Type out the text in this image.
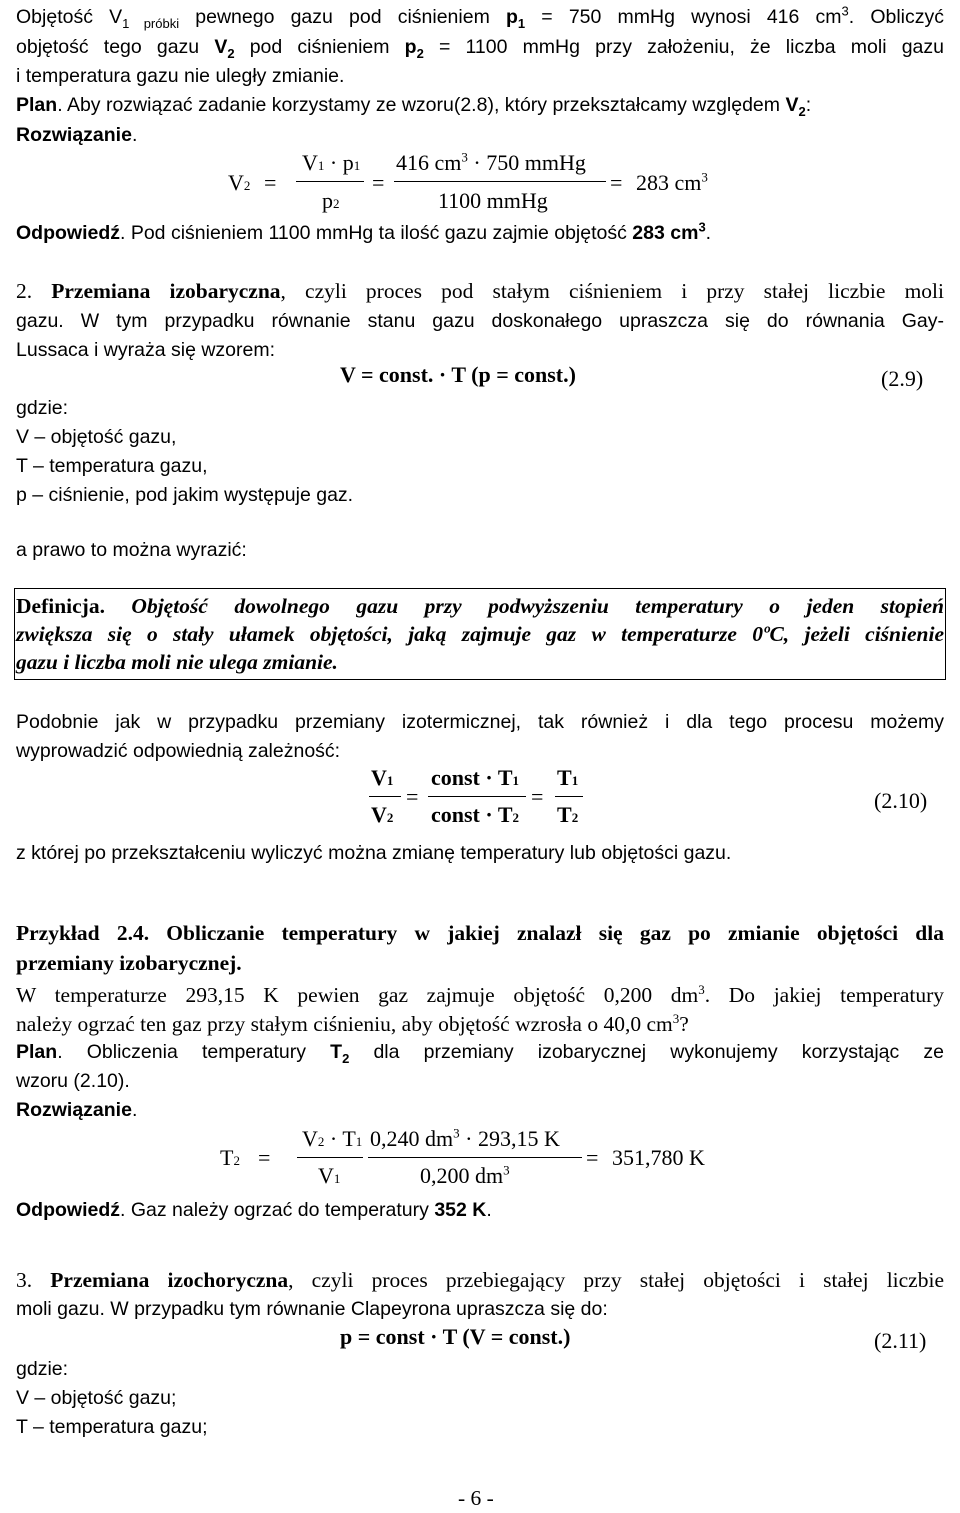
Objętość $V_{1 próbki}$ pewnego gazu pod ciśnieniem $p_1 = 750$ mmHg wynosi 416 $cm^3$. Obliczyć
objętość tego gazu $V_2$ pod ciśnieniem $p_2 = 1100$ mmHg przy założeniu, że liczba moli gazu
i temperatura gazu nie uległy zmianie.
Plan. Aby rozwiązać zadanie korzystamy ze wzoru(2.8), który przekształcamy względem $V_2$:
Rozwiązanie.
V2 =
V1 · p1
p2
=
416 $cm^3 \cdot 750$ mmHg
1100 mmHg
= 283 $cm^3$
Odpowiedź. Pod ciśnieniem 1100 mmHg ta ilość gazu zajmie objętość 283 $cm^3$.
2. Przemiana izobaryczna, czyli proces pod stałym ciśnieniem i przy stałej liczbie moli
gazu. W tym przypadku równanie stanu gazu doskonałego upraszcza się do równania Gay-
Lussaca i wyraża się wzorem:
V = const. · T (p = const.)	(2.9)
gdzie:
V – objętość gazu,
T – temperatura gazu,
p – ciśnienie, pod jakim występuje gaz.
a prawo to można wyrazić:
Definicja. Objętość dowolnego gazu przy podwyższeniu temperatury o jeden stopień
zwiększa się o stały ułamek objętości, jaką zajmuje gaz w temperaturze 0ºC, jeżeli ciśnienie
gazu i liczba moli nie ulega zmianie.
Podobnie jak w przypadku przemiany izotermicznej, tak również i dla tego procesu możemy
wyprowadzić odpowiednią zależność:
V1
V2
=
const · T1
const · T2
=
T1
T2
(2.10)
z której po przekształceniu wyliczyć można zmianę temperatury lub objętości gazu.
Przykład 2.4. Obliczanie temperatury w jakiej znalazł się gaz po zmianie objętości dla
przemiany izobarycznej.
W temperaturze 293,15 K pewien gaz zajmuje objętość 0,200 $dm^3$. Do jakiej temperatury
należy ogrzać ten gaz przy stałym ciśnieniu, aby objętość wzrosła o 40,0 $cm^3$?
Plan. Obliczenia temperatury $T_2$ dla przemiany izobarycznej wykonujemy korzystając ze
wzoru (2.10).
Rozwiązanie.
T2 =
V2 · T1
V1
0,240 $dm^3 \cdot 293,15$ K
0,200 $dm^3$
= 351,780 K
Odpowiedź. Gaz należy ogrzać do temperatury 352 K.
3. Przemiana izochoryczna, czyli proces przebiegający przy stałej objętości i stałej liczbie
moli gazu. W przypadku tym równanie Clapeyrona upraszcza się do:
p = const · T (V = const.)	(2.11)
gdzie:
V – objętość gazu;
T – temperatura gazu;
- 6 -
